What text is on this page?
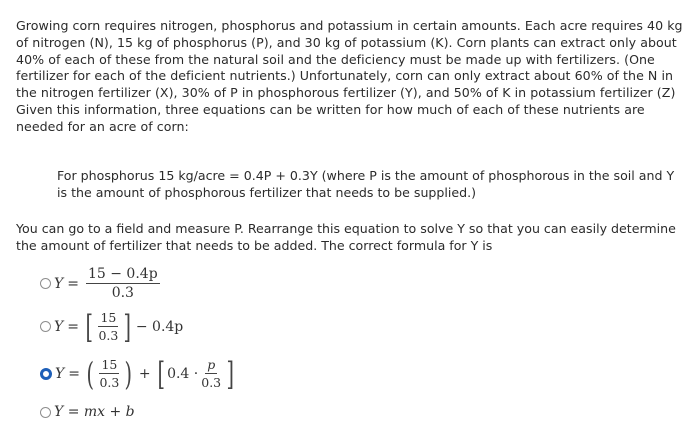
Growing corn requires nitrogen, phosphorus and potassium in certain amounts. Each acre requires 40 kg of nitrogen (N), 15 kg of phosphorus (P), and 30 kg of potassium (K). Corn plants can extract only about 40% of each of these from the natural soil and the deficiency must be made up with fertilizers. (One fertilizer for each of the deficient nutrients.) Unfortunately, corn can only extract about 60% of the N in the nitrogen fertilizer (X), 30% of P in phosphorous fertilizer (Y), and 50% of K in potassium fertilizer (Z) Given this information, three equations can be written for how much of each of these nutrients are needed for an acre of corn:

For phosphorus 15 kg/acre = 0.4P + 0.3Y (where P is the amount of phosphorous in the soil and Y is the amount of phosphorous fertilizer that needs to be supplied.)

You can go to a field and measure P. Rearrange this equation to solve Y so that you can easily determine the amount of fertilizer that needs to be added. The correct formula for Y is

$Y = \frac{15 - 0.4p}{0.3}$
Y = [ $\frac{15}{0.3}$ ] − 0.4p
Y = ( $\frac{15}{0.3}$ ) + [ $0.4 \cdot \frac{p}{0.3}$ ]
Y = mx + b
